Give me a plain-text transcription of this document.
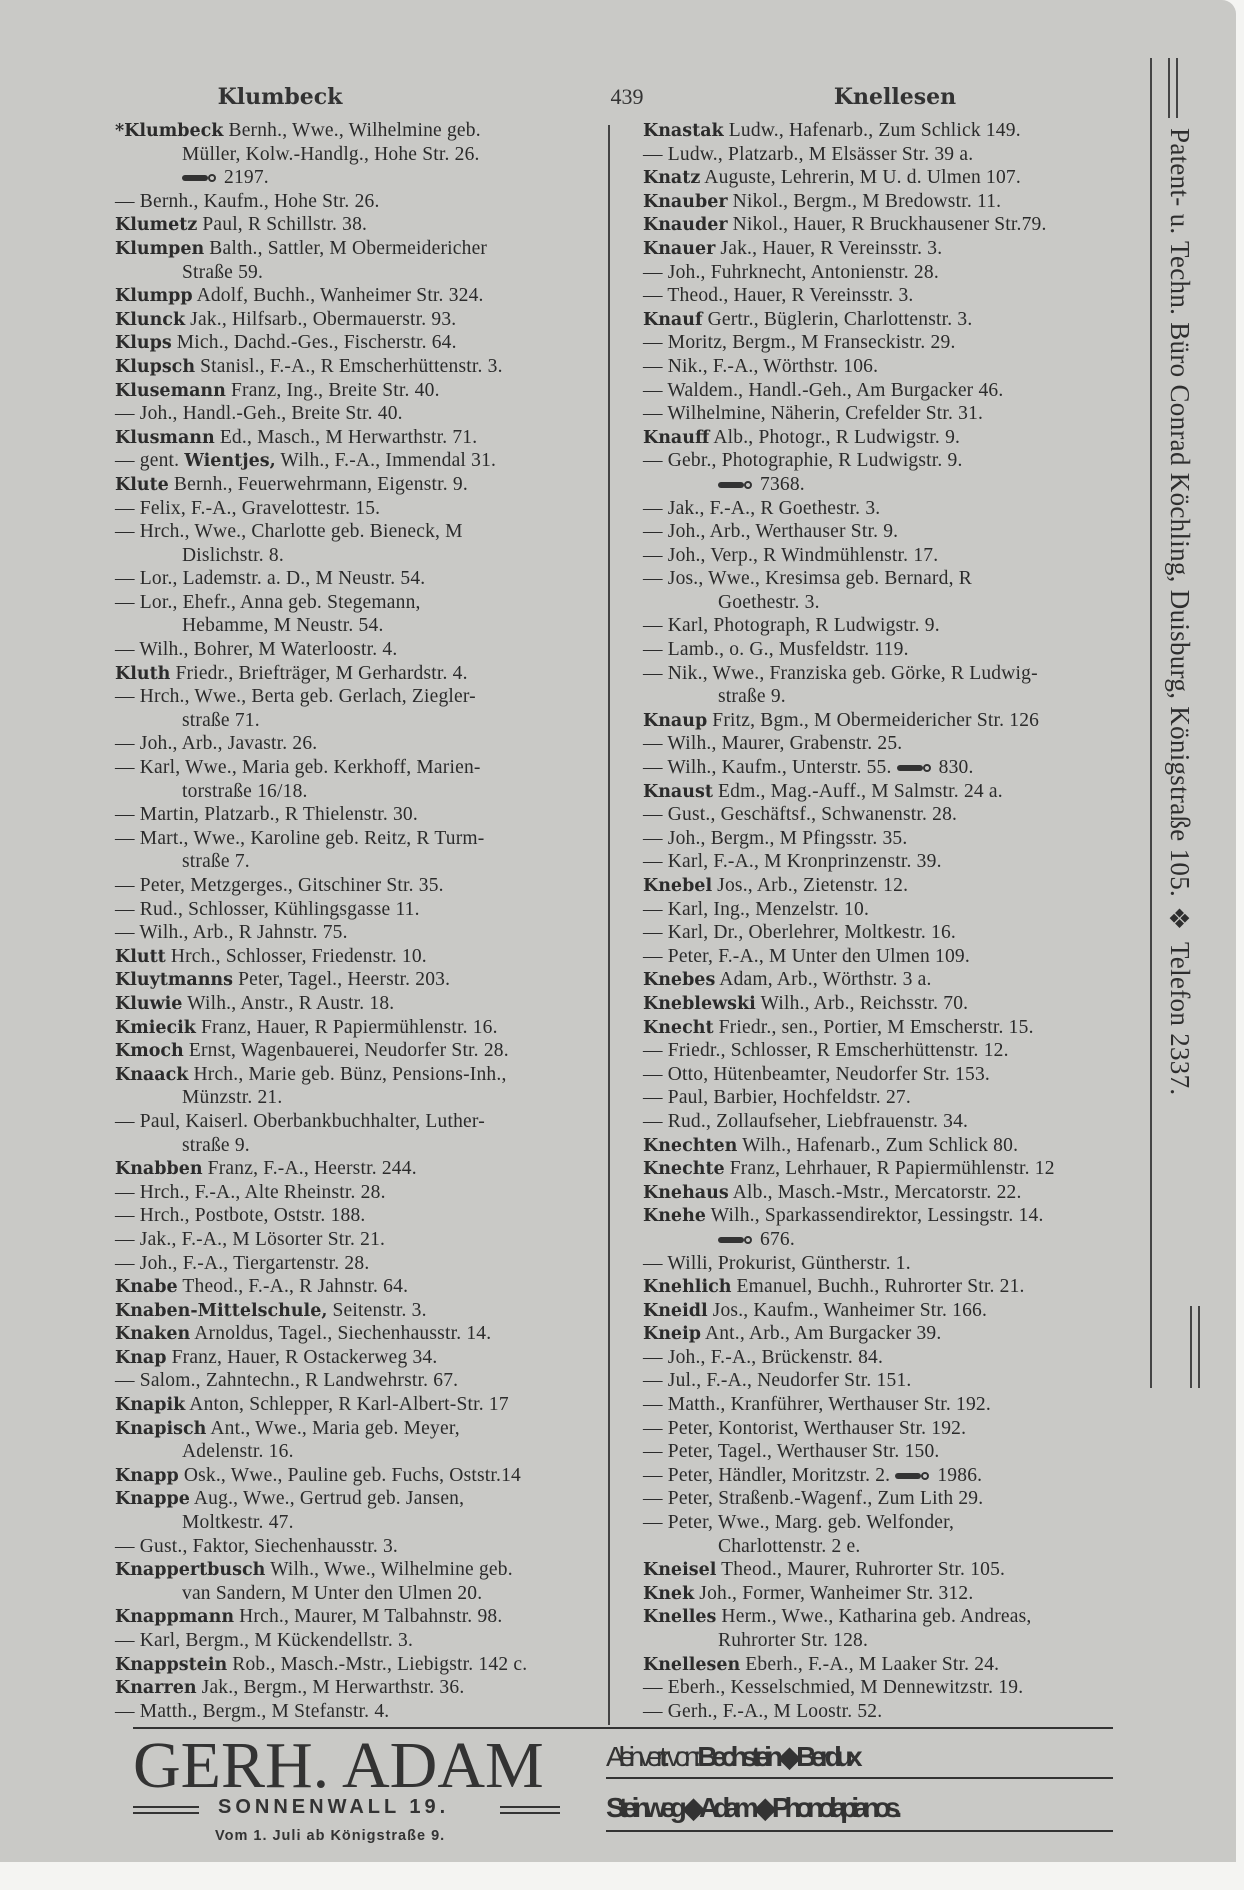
Klumbeck	439	Knellesen
*Klumbeck Bernh., Wwe., Wilhelmine geb.
Müller, Kolw.-Handlg., Hohe Str. 26.
2197.
— Bernh., Kaufm., Hohe Str. 26.
Klumetz Paul, R Schillstr. 38.
Klumpen Balth., Sattler, M Obermeidericher
Straße 59.
Klumpp Adolf, Buchh., Wanheimer Str. 324.
Klunck Jak., Hilfsarb., Obermauerstr. 93.
Klups Mich., Dachd.-Ges., Fischerstr. 64.
Klupsch Stanisl., F.-A., R Emscherhüttenstr. 3.
Klusemann Franz, Ing., Breite Str. 40.
— Joh., Handl.-Geh., Breite Str. 40.
Klusmann Ed., Masch., M Herwarthstr. 71.
— gent. Wientjes, Wilh., F.-A., Immendal 31.
Klute Bernh., Feuerwehrmann, Eigenstr. 9.
— Felix, F.-A., Gravelottestr. 15.
— Hrch., Wwe., Charlotte geb. Bieneck, M
Dislichstr. 8.
— Lor., Lademstr. a. D., M Neustr. 54.
— Lor., Ehefr., Anna geb. Stegemann,
Hebamme, M Neustr. 54.
— Wilh., Bohrer, M Waterloostr. 4.
Kluth Friedr., Briefträger, M Gerhardstr. 4.
— Hrch., Wwe., Berta geb. Gerlach, Ziegler-
straße 71.
— Joh., Arb., Javastr. 26.
— Karl, Wwe., Maria geb. Kerkhoff, Marien-
torstraße 16/18.
— Martin, Platzarb., R Thielenstr. 30.
— Mart., Wwe., Karoline geb. Reitz, R Turm-
straße 7.
— Peter, Metzgerges., Gitschiner Str. 35.
— Rud., Schlosser, Kühlingsgasse 11.
— Wilh., Arb., R Jahnstr. 75.
Klutt Hrch., Schlosser, Friedenstr. 10.
Kluytmanns Peter, Tagel., Heerstr. 203.
Kluwie Wilh., Anstr., R Austr. 18.
Kmiecik Franz, Hauer, R Papiermühlenstr. 16.
Kmoch Ernst, Wagenbauerei, Neudorfer Str. 28.
Knaack Hrch., Marie geb. Bünz, Pensions-Inh.,
Münzstr. 21.
— Paul, Kaiserl. Oberbankbuchhalter, Luther-
straße 9.
Knabben Franz, F.-A., Heerstr. 244.
— Hrch., F.-A., Alte Rheinstr. 28.
— Hrch., Postbote, Oststr. 188.
— Jak., F.-A., M Lösorter Str. 21.
— Joh., F.-A., Tiergartenstr. 28.
Knabe Theod., F.-A., R Jahnstr. 64.
Knaben-Mittelschule, Seitenstr. 3.
Knaken Arnoldus, Tagel., Siechenhausstr. 14.
Knap Franz, Hauer, R Ostackerweg 34.
— Salom., Zahntechn., R Landwehrstr. 67.
Knapik Anton, Schlepper, R Karl-Albert-Str. 17
Knapisch Ant., Wwe., Maria geb. Meyer,
Adelenstr. 16.
Knapp Osk., Wwe., Pauline geb. Fuchs, Oststr.14
Knappe Aug., Wwe., Gertrud geb. Jansen,
Moltkestr. 47.
— Gust., Faktor, Siechenhausstr. 3.
Knappertbusch Wilh., Wwe., Wilhelmine geb.
van Sandern, M Unter den Ulmen 20.
Knappmann Hrch., Maurer, M Talbahnstr. 98.
— Karl, Bergm., M Kückendellstr. 3.
Knappstein Rob., Masch.-Mstr., Liebigstr. 142 c.
Knarren Jak., Bergm., M Herwarthstr. 36.
— Matth., Bergm., M Stefanstr. 4.
Knastak Ludw., Hafenarb., Zum Schlick 149.
— Ludw., Platzarb., M Elsässer Str. 39 a.
Knatz Auguste, Lehrerin, M U. d. Ulmen 107.
Knauber Nikol., Bergm., M Bredowstr. 11.
Knauder Nikol., Hauer, R Bruckhausener Str.79.
Knauer Jak., Hauer, R Vereinsstr. 3.
— Joh., Fuhrknecht, Antonienstr. 28.
— Theod., Hauer, R Vereinsstr. 3.
Knauf Gertr., Büglerin, Charlottenstr. 3.
— Moritz, Bergm., M Franseckistr. 29.
— Nik., F.-A., Wörthstr. 106.
— Waldem., Handl.-Geh., Am Burgacker 46.
— Wilhelmine, Näherin, Crefelder Str. 31.
Knauff Alb., Photogr., R Ludwigstr. 9.
— Gebr., Photographie, R Ludwigstr. 9.
7368.
— Jak., F.-A., R Goethestr. 3.
— Joh., Arb., Werthauser Str. 9.
— Joh., Verp., R Windmühlenstr. 17.
— Jos., Wwe., Kresimsa geb. Bernard, R
Goethestr. 3.
— Karl, Photograph, R Ludwigstr. 9.
— Lamb., o. G., Musfeldstr. 119.
— Nik., Wwe., Franziska geb. Görke, R Ludwig-
straße 9.
Knaup Fritz, Bgm., M Obermeidericher Str. 126
— Wilh., Maurer, Grabenstr. 25.
— Wilh., Kaufm., Unterstr. 55. 830.
Knaust Edm., Mag.-Auff., M Salmstr. 24 a.
— Gust., Geschäftsf., Schwanenstr. 28.
— Joh., Bergm., M Pfingsstr. 35.
— Karl, F.-A., M Kronprinzenstr. 39.
Knebel Jos., Arb., Zietenstr. 12.
— Karl, Ing., Menzelstr. 10.
— Karl, Dr., Oberlehrer, Moltkestr. 16.
— Peter, F.-A., M Unter den Ulmen 109.
Knebes Adam, Arb., Wörthstr. 3 a.
Kneblewski Wilh., Arb., Reichsstr. 70.
Knecht Friedr., sen., Portier, M Emscherstr. 15.
— Friedr., Schlosser, R Emscherhüttenstr. 12.
— Otto, Hütenbeamter, Neudorfer Str. 153.
— Paul, Barbier, Hochfeldstr. 27.
— Rud., Zollaufseher, Liebfrauenstr. 34.
Knechten Wilh., Hafenarb., Zum Schlick 80.
Knechte Franz, Lehrhauer, R Papiermühlenstr. 12
Knehaus Alb., Masch.-Mstr., Mercatorstr. 22.
Knehe Wilh., Sparkassendirektor, Lessingstr. 14.
676.
— Willi, Prokurist, Güntherstr. 1.
Knehlich Emanuel, Buchh., Ruhrorter Str. 21.
Kneidl Jos., Kaufm., Wanheimer Str. 166.
Kneip Ant., Arb., Am Burgacker 39.
— Joh., F.-A., Brückenstr. 84.
— Jul., F.-A., Neudorfer Str. 151.
— Matth., Kranführer, Werthauser Str. 192.
— Peter, Kontorist, Werthauser Str. 192.
— Peter, Tagel., Werthauser Str. 150.
— Peter, Händler, Moritzstr. 2. 1986.
— Peter, Straßenb.-Wagenf., Zum Lith 29.
— Peter, Wwe., Marg. geb. Welfonder,
Charlottenstr. 2 e.
Kneisel Theod., Maurer, Ruhrorter Str. 105.
Knek Joh., Former, Wanheimer Str. 312.
Knelles Herm., Wwe., Katharina geb. Andreas,
Ruhrorter Str. 128.
Knellesen Eberh., F.-A., M Laaker Str. 24.
— Eberh., Kesselschmied, M Dennewitzstr. 19.
— Gerh., F.-A., M Loostr. 52.
Patent- u. Techn. Büro Conrad Köchling, Duisburg, Königstraße 105. ❖ Telefon 2337.
GERH. ADAM
SONNENWALL 19.
Vom 1. Juli ab Königstraße 9.
Alleinvertr. von: Bechstein ◆ Berdux
Steinweg ◆ Adam ◆ Phonolapianos.
